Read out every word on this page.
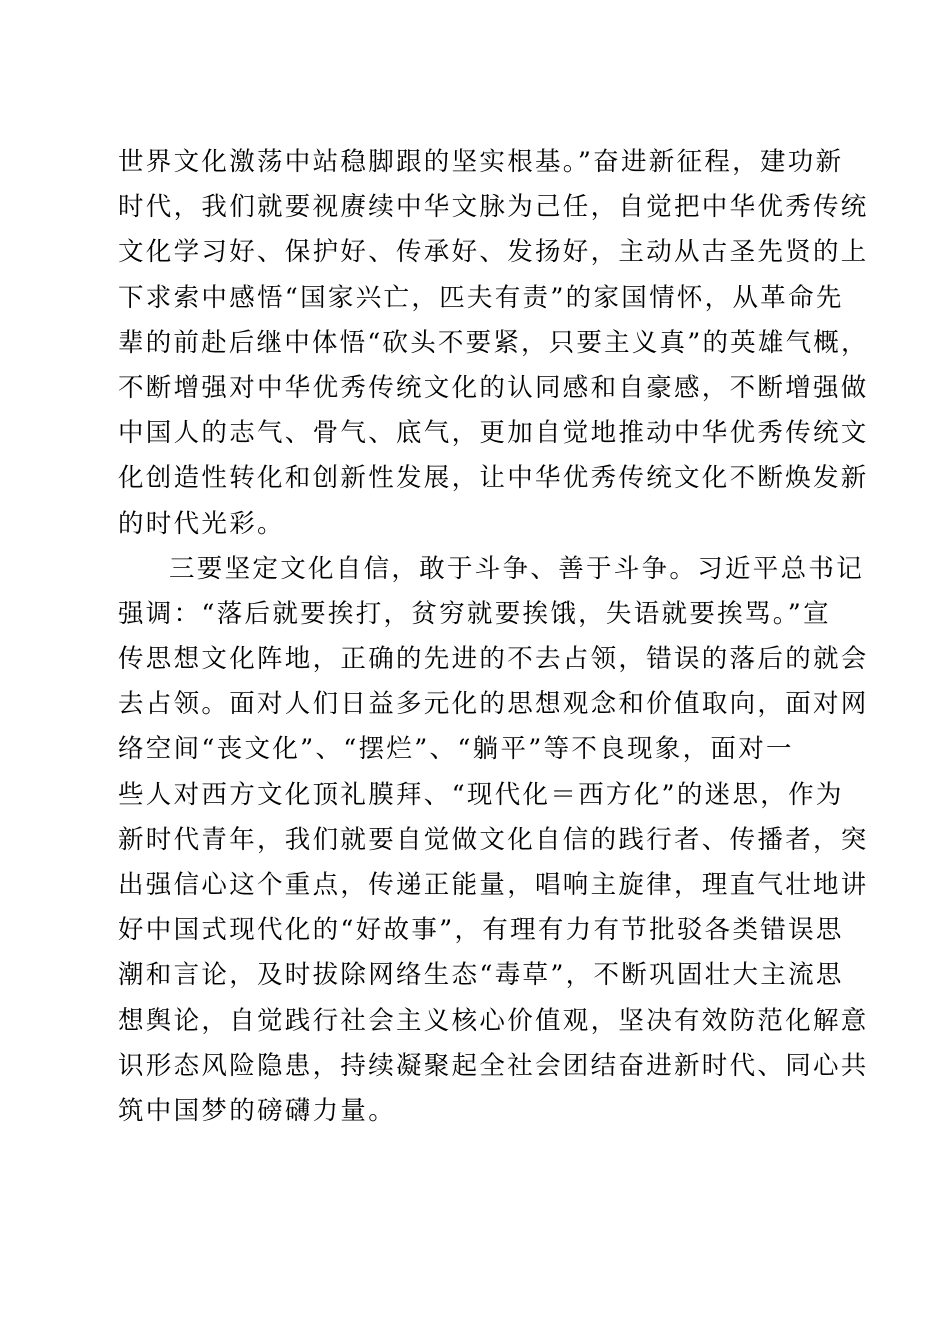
世界文化激荡中站稳脚跟的坚实根基。”奋进新征程，建功新
时代，我们就要视赓续中华文脉为己任，自觉把中华优秀传统
文化学习好、保护好、传承好、发扬好，主动从古圣先贤的上
下求索中感悟“国家兴亡，匹夫有责”的家国情怀，从革命先
辈的前赴后继中体悟“砍头不要紧，只要主义真”的英雄气概，
不断增强对中华优秀传统文化的认同感和自豪感，不断增强做
中国人的志气、骨气、底气，更加自觉地推动中华优秀传统文
化创造性转化和创新性发展，让中华优秀传统文化不断焕发新
的时代光彩。
三要坚定文化自信，敢于斗争、善于斗争。习近平总书记
强调：“落后就要挨打，贫穷就要挨饿，失语就要挨骂。”宣
传思想文化阵地，正确的先进的不去占领，错误的落后的就会
去占领。面对人们日益多元化的思想观念和价值取向，面对网
络空间“丧文化”、“摆烂”、“躺平”等不良现象，面对一
些人对西方文化顶礼膜拜、“现代化＝西方化”的迷思，作为
新时代青年，我们就要自觉做文化自信的践行者、传播者，突
出强信心这个重点，传递正能量，唱响主旋律，理直气壮地讲
好中国式现代化的“好故事”，有理有力有节批驳各类错误思
潮和言论，及时拔除网络生态“毒草”，不断巩固壮大主流思
想舆论，自觉践行社会主义核心价值观，坚决有效防范化解意
识形态风险隐患，持续凝聚起全社会团结奋进新时代、同心共
筑中国梦的磅礴力量。
